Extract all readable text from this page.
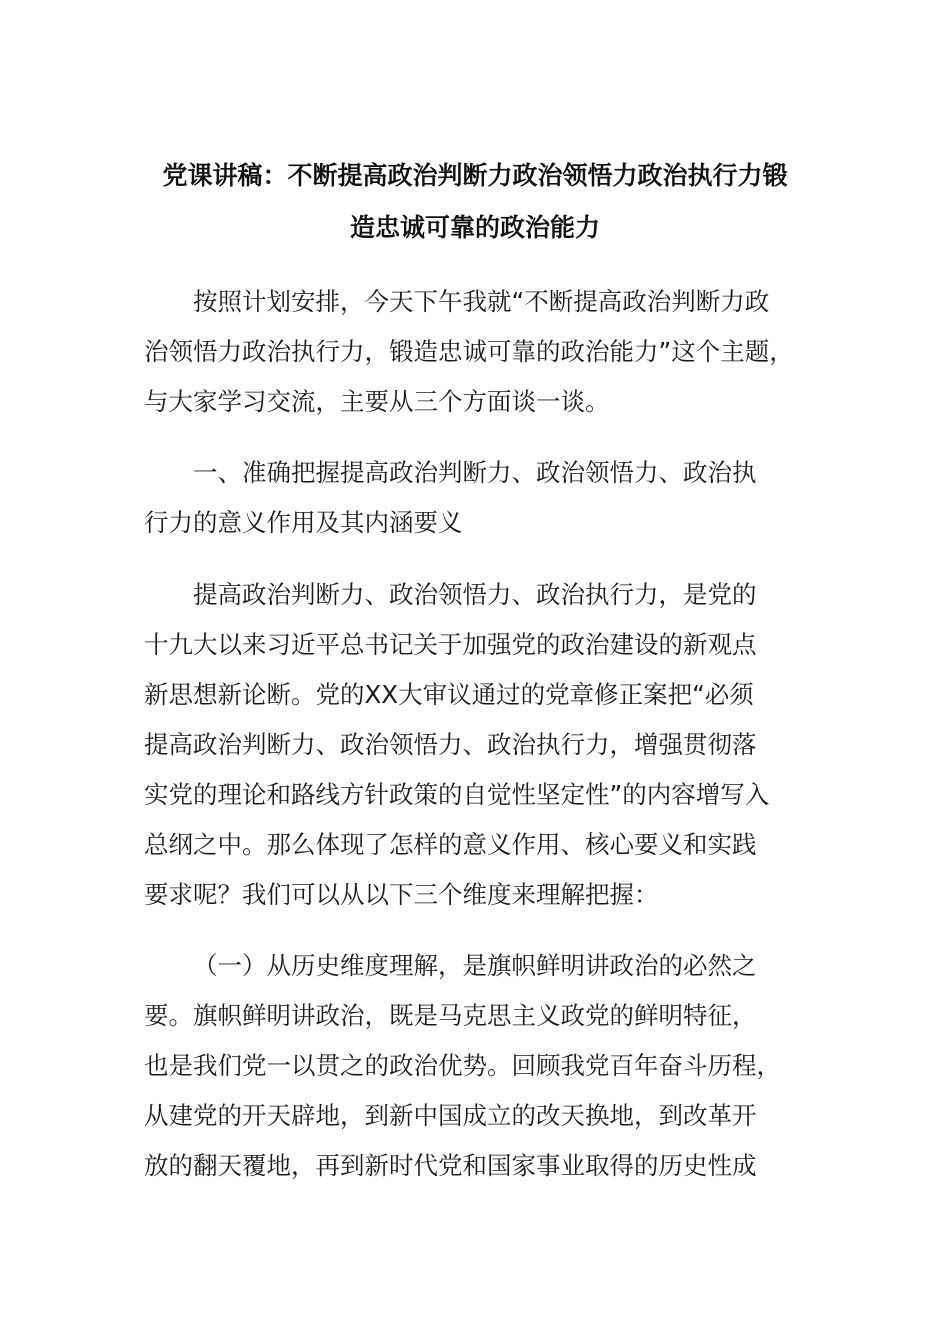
党课讲稿：不断提高政治判断力政治领悟力政治执行力锻
造忠诚可靠的政治能力
按照计划安排，今天下午我就“不断提高政治判断力政
治领悟力政治执行力，锻造忠诚可靠的政治能力”这个主题，
与大家学习交流，主要从三个方面谈一谈。
一、准确把握提高政治判断力、政治领悟力、政治执
行力的意义作用及其内涵要义
提高政治判断力、政治领悟力、政治执行力，是党的
十九大以来习近平总书记关于加强党的政治建设的新观点
新思想新论断。党的XX大审议通过的党章修正案把“必须
提高政治判断力、政治领悟力、政治执行力，增强贯彻落
实党的理论和路线方针政策的自觉性坚定性”的内容增写入
总纲之中。那么体现了怎样的意义作用、核心要义和实践
要求呢？我们可以从以下三个维度来理解把握：
（一）从历史维度理解，是旗帜鲜明讲政治的必然之
要。旗帜鲜明讲政治，既是马克思主义政党的鲜明特征，
也是我们党一以贯之的政治优势。回顾我党百年奋斗历程，
从建党的开天辟地，到新中国成立的改天换地，到改革开
放的翻天覆地，再到新时代党和国家事业取得的历史性成
